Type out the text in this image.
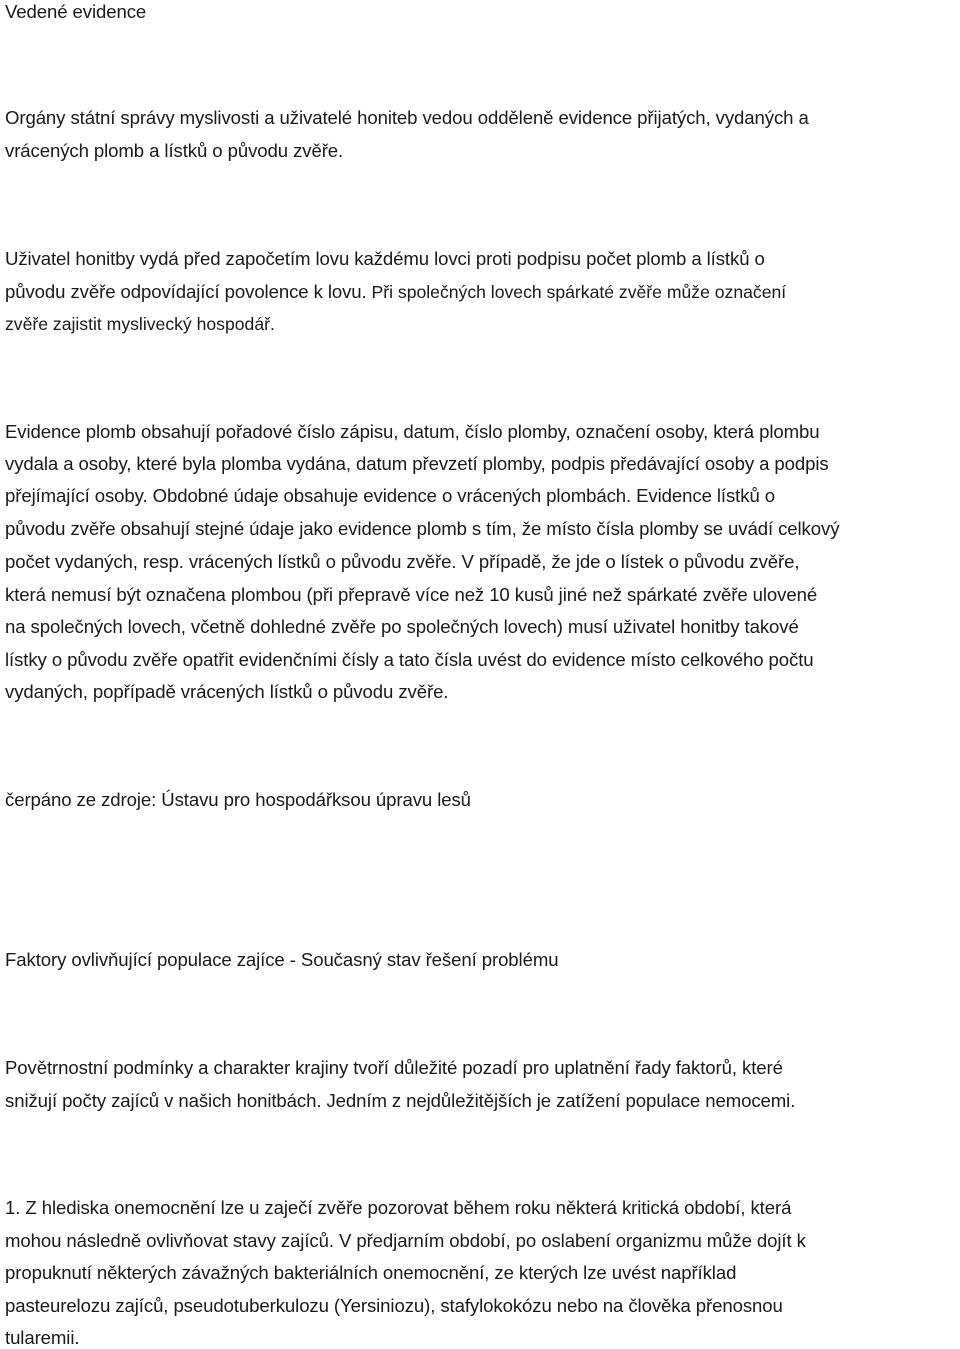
Vedené evidence
Orgány státní správy myslivosti a uživatelé honiteb vedou odděleně evidence přijatých, vydaných a
vrácených plomb a lístků o původu zvěře.
Uživatel honitby vydá před započetím lovu každému lovci proti podpisu počet plomb a lístků o
původu zvěře odpovídající povolence k lovu. Při společných lovech spárkaté zvěře může označení
zvěře zajistit myslivecký hospodář.
Evidence plomb obsahují pořadové číslo zápisu, datum, číslo plomby, označení osoby, která plombu
vydala a osoby, které byla plomba vydána, datum převzetí plomby, podpis předávající osoby a podpis
přejímající osoby. Obdobné údaje obsahuje evidence o vrácených plombách. Evidence lístků o
původu zvěře obsahují stejné údaje jako evidence plomb s tím, že místo čísla plomby se uvádí celkový
počet vydaných, resp. vrácených lístků o původu zvěře. V případě, že jde o lístek o původu zvěře,
která nemusí být označena plombou (při přepravě více než 10 kusů jiné než spárkaté zvěře ulovené
na společných lovech, včetně dohledné zvěře po společných lovech) musí uživatel honitby takové
lístky o původu zvěře opatřit evidenčními čísly a tato čísla uvést do evidence místo celkového počtu
vydaných, popřípadě vrácených lístků o původu zvěře.
čerpáno ze zdroje: Ústavu pro hospodářksou úpravu lesů
Faktory ovlivňující populace zajíce - Současný stav řešení problému
Povětrnostní podmínky a charakter krajiny tvoří důležité pozadí pro uplatnění řady faktorů, které
snižují počty zajíců v našich honitbách. Jedním z nejdůležitějších je zatížení populace nemocemi.
1. Z hlediska onemocnění lze u zaječí zvěře pozorovat během roku některá kritická období, která
mohou následně ovlivňovat stavy zajíců. V předjarním období, po oslabení organizmu může dojít k
propuknutí některých závažných bakteriálních onemocnění, ze kterých lze uvést například
pasteurelozu zajíců, pseudotuberkulozu (Yersiniozu), stafylokokózu nebo na člověka přenosnou
tularemii.
